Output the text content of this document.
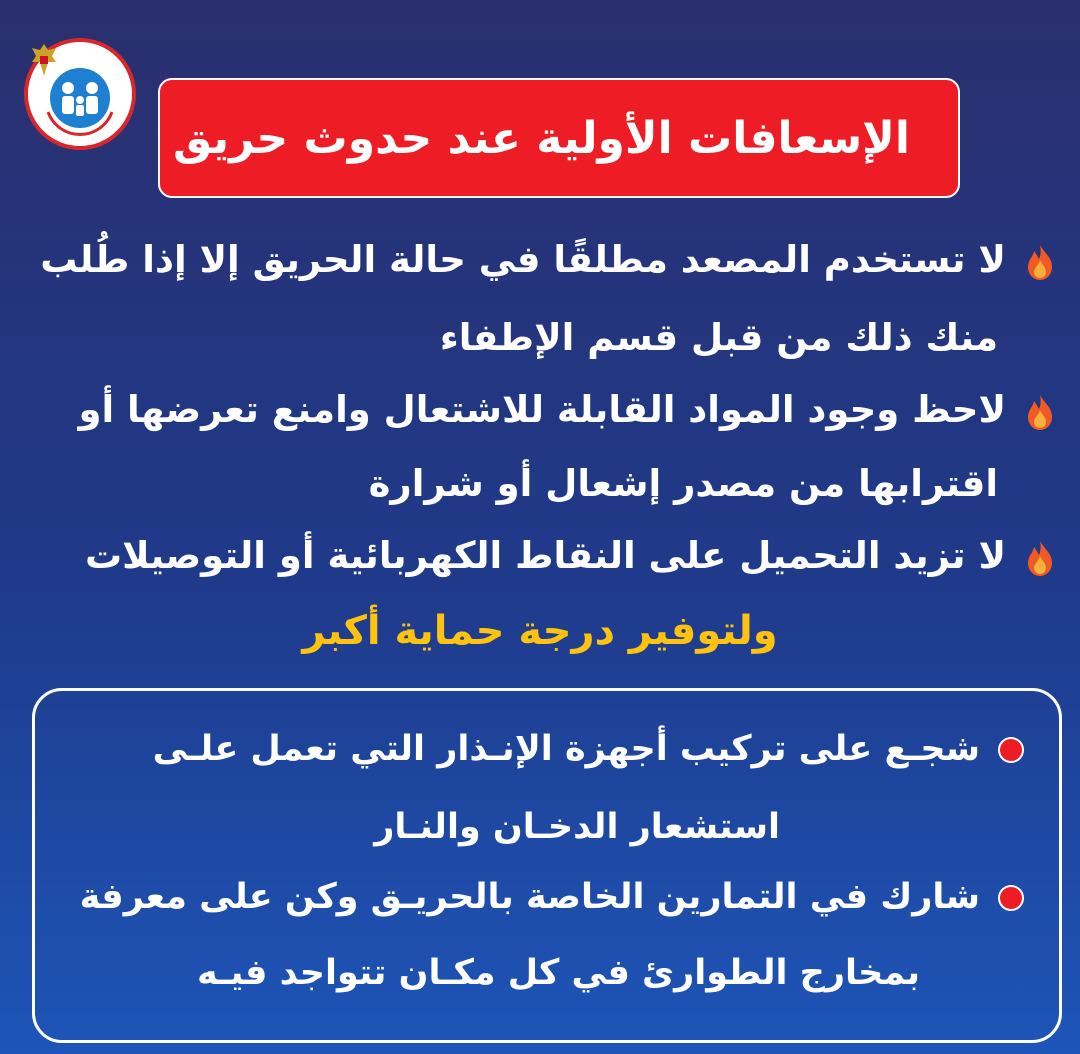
الإسعافات الأولية عند حدوث حريق
لا تستخدم المصعد مطلقًا في حالة الحريق إلا إذا طُلب
منك ذلك من قبل قسم الإطفاء
لاحظ وجود المواد القابلة للاشتعال وامنع تعرضها أو
اقترابها من مصدر إشعال أو شرارة
لا تزيد التحميل على النقاط الكهربائية أو التوصيلات
ولتوفير درجة حماية أكبر
شجـع على تركيب أجهزة الإنـذار التي تعمل علـى
استشعار الدخـان والنـار
شارك في التمارين الخاصة بالحريـق وكن على معرفة
بمخارج الطوارئ في كل مكـان تتواجد فيـه
